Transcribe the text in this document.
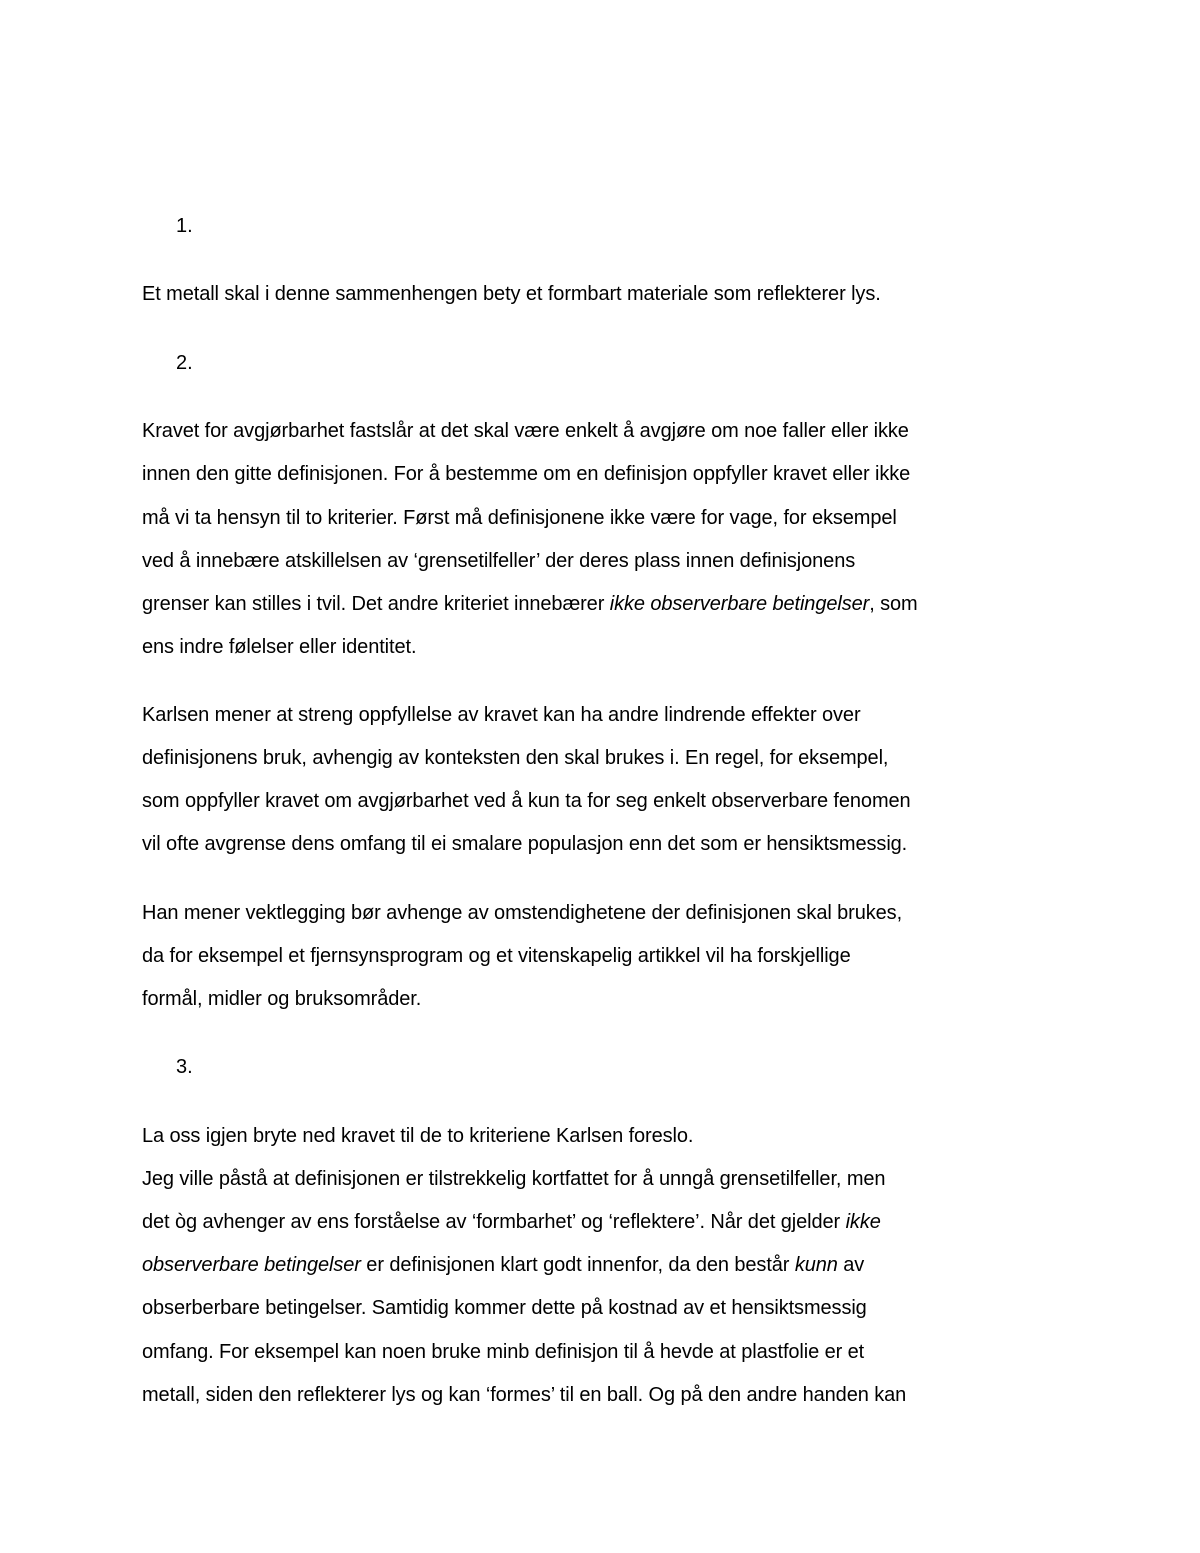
1.
Et metall skal i denne sammenhengen bety et formbart materiale som reflekterer lys.
2.
Kravet for avgjørbarhet fastslår at det skal være enkelt å avgjøre om noe faller eller ikke
innen den gitte definisjonen. For å bestemme om en definisjon oppfyller kravet eller ikke
må vi ta hensyn til to kriterier. Først må definisjonene ikke være for vage, for eksempel
ved å innebære atskillelsen av ‘grensetilfeller’ der deres plass innen definisjonens
grenser kan stilles i tvil. Det andre kriteriet innebærer ikke observerbare betingelser, som
ens indre følelser eller identitet.
Karlsen mener at streng oppfyllelse av kravet kan ha andre lindrende effekter over
definisjonens bruk, avhengig av konteksten den skal brukes i. En regel, for eksempel,
som oppfyller kravet om avgjørbarhet ved å kun ta for seg enkelt observerbare fenomen
vil ofte avgrense dens omfang til ei smalare populasjon enn det som er hensiktsmessig.
Han mener vektlegging bør avhenge av omstendighetene der definisjonen skal brukes,
da for eksempel et fjernsynsprogram og et vitenskapelig artikkel vil ha forskjellige
formål, midler og bruksområder.
3.
La oss igjen bryte ned kravet til de to kriteriene Karlsen foreslo.
Jeg ville påstå at definisjonen er tilstrekkelig kortfattet for å unngå grensetilfeller, men
det òg avhenger av ens forståelse av ‘formbarhet’ og ‘reflektere’. Når det gjelder ikke
observerbare betingelser er definisjonen klart godt innenfor, da den består kunn av
obserberbare betingelser. Samtidig kommer dette på kostnad av et hensiktsmessig
omfang. For eksempel kan noen bruke minb definisjon til å hevde at plastfolie er et
metall, siden den reflekterer lys og kan ‘formes’ til en ball. Og på den andre handen kan
